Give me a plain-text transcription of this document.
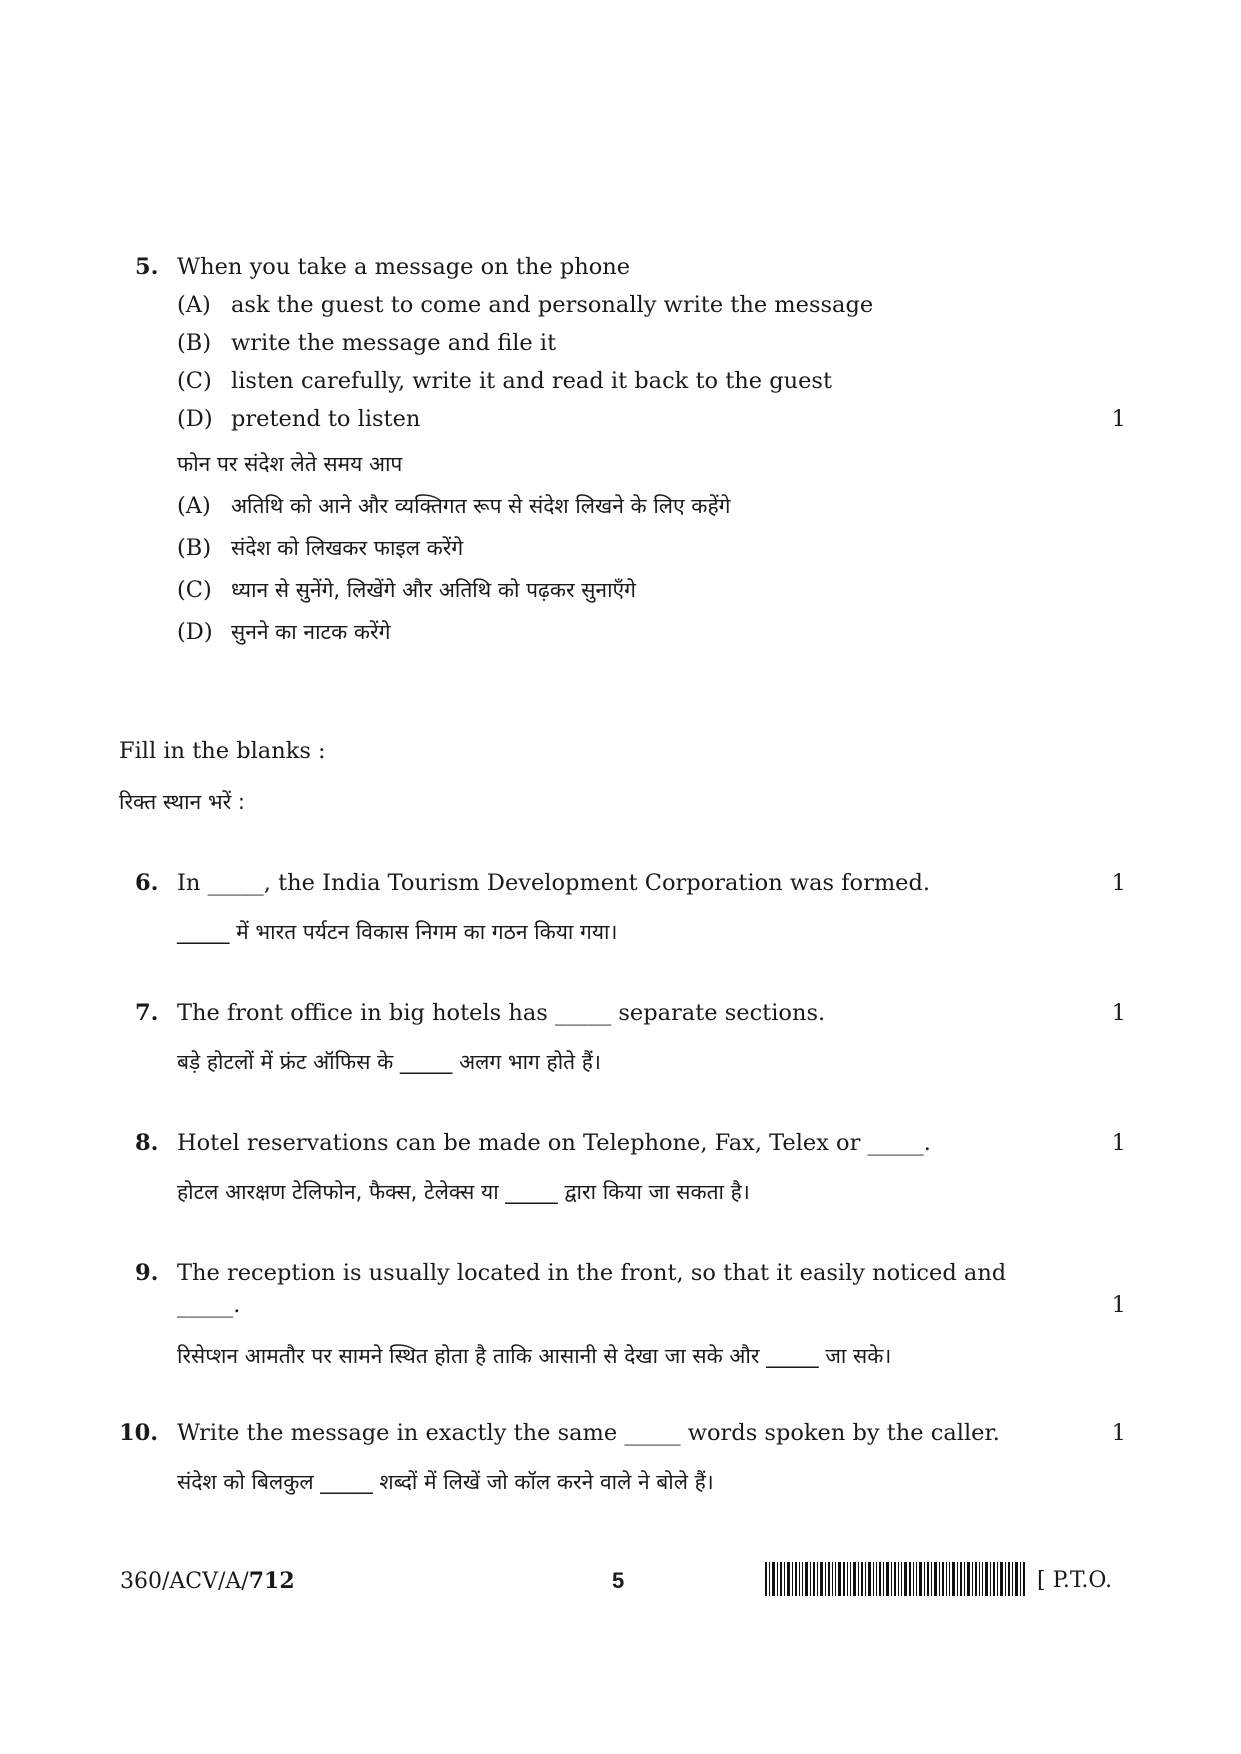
5. When you take a message on the phone
(A) ask the guest to come and personally write the message
(B) write the message and file it
(C) listen carefully, write it and read it back to the guest
(D) pretend to listen	1
फोन पर संदेश लेते समय आप
(A) अतिथि को आने और व्यक्तिगत रूप से संदेश लिखने के लिए कहेंगे
(B) संदेश को लिखकर फाइल करेंगे
(C) ध्यान से सुनेंगे, लिखेंगे और अतिथि को पढ़कर सुनाएँगे
(D) सुनने का नाटक करेंगे
Fill in the blanks :
रिक्त स्थान भरें :
6. In _____, the India Tourism Development Corporation was formed.	1
_____ में भारत पर्यटन विकास निगम का गठन किया गया।
7. The front office in big hotels has _____ separate sections.	1
बड़े होटलों में फ्रंट ऑफिस के _____ अलग भाग होते हैं।
8. Hotel reservations can be made on Telephone, Fax, Telex or _____.	1
होटल आरक्षण टेलिफोन, फैक्स, टेलेक्स या _____ द्वारा किया जा सकता है।
9. The reception is usually located in the front, so that it easily noticed and
_____.	1
रिसेप्शन आमतौर पर सामने स्थित होता है ताकि आसानी से देखा जा सके और _____ जा सके।
10. Write the message in exactly the same _____ words spoken by the caller.	1
संदेश को बिलकुल _____ शब्दों में लिखें जो कॉल करने वाले ने बोले हैं।
360/ACV/A/712	5	[ P.T.O.
